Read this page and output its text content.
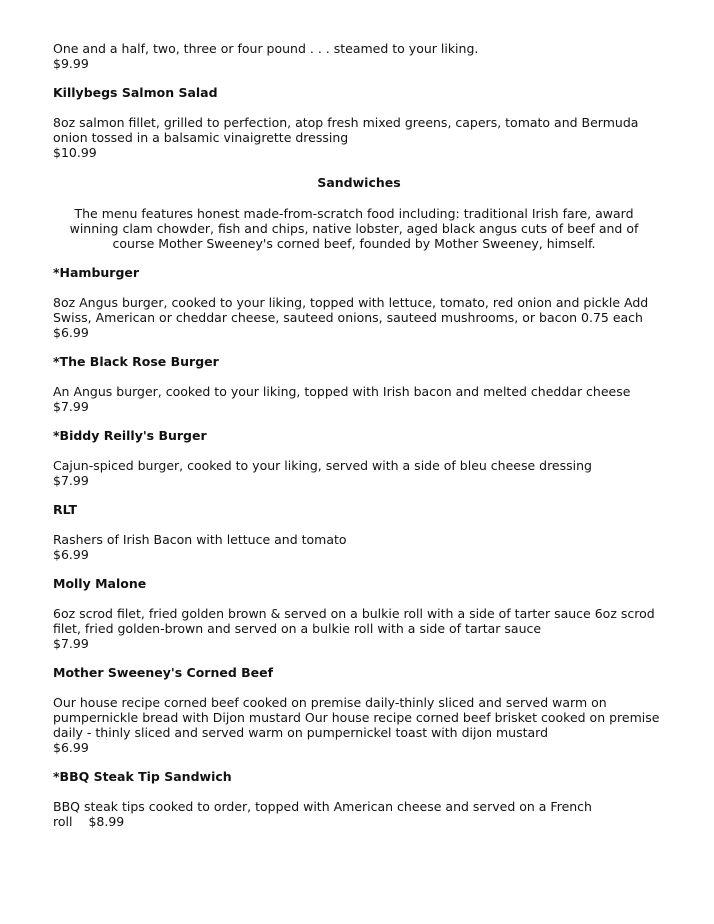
One and a half, two, three or four pound . . . steamed to your liking.

$9.99

Killybegs Salmon Salad

8oz salmon fillet, grilled to perfection, atop fresh mixed greens, capers, tomato and Bermuda onion tossed in a balsamic vinaigrette dressing

$10.99

Sandwiches

The menu features honest made-from-scratch food including: traditional Irish fare, award winning clam chowder, fish and chips, native lobster, aged black angus cuts of beef and of course Mother Sweeney's corned beef, founded by Mother Sweeney, himself.

*Hamburger

8oz Angus burger, cooked to your liking, topped with lettuce, tomato, red onion and pickle Add Swiss, American or cheddar cheese, sauteed onions, sauteed mushrooms, or bacon 0.75 each

$6.99

*The Black Rose Burger

An Angus burger, cooked to your liking, topped with Irish bacon and melted cheddar cheese

$7.99

*Biddy Reilly's Burger

Cajun-spiced burger, cooked to your liking, served with a side of bleu cheese dressing

$7.99

RLT

Rashers of Irish Bacon with lettuce and tomato

$6.99

Molly Malone

6oz scrod filet, fried golden brown & served on a bulkie roll with a side of tarter sauce 6oz scrod filet, fried golden-brown and served on a bulkie roll with a side of tartar sauce

$7.99

Mother Sweeney's Corned Beef

Our house recipe corned beef cooked on premise daily-thinly sliced and served warm on pumpernickle bread with Dijon mustard Our house recipe corned beef brisket cooked on premise daily - thinly sliced and served warm on pumpernickel toast with dijon mustard

$6.99

*BBQ Steak Tip Sandwich

BBQ steak tips cooked to order, topped with American cheese and served on a French roll $8.99
